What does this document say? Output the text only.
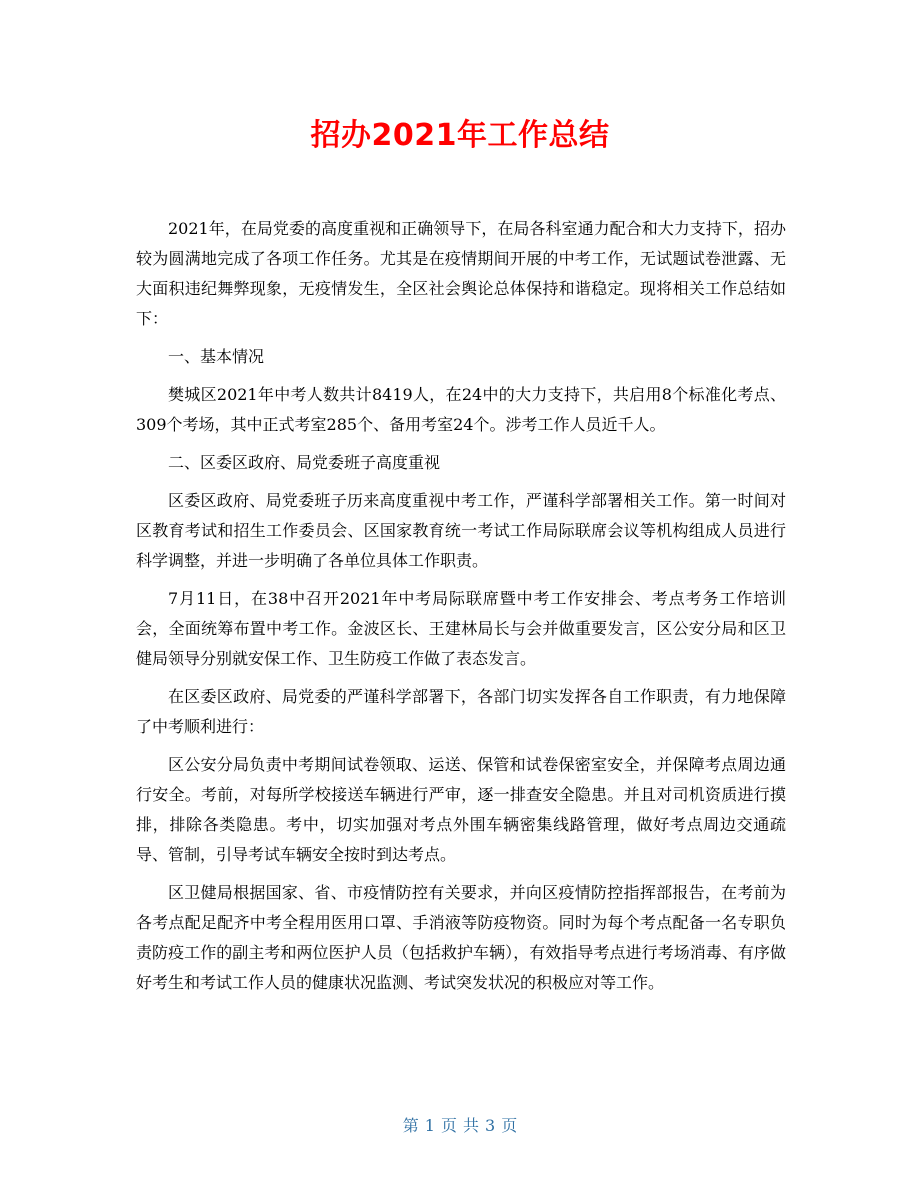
招办2021年工作总结

2021年，在局党委的高度重视和正确领导下，在局各科室通力配合和大力支持下，招办较为圆满地完成了各项工作任务。尤其是在疫情期间开展的中考工作，无试题试卷泄露、无大面积违纪舞弊现象，无疫情发生，全区社会舆论总体保持和谐稳定。现将相关工作总结如下：

一、基本情况

樊城区2021年中考人数共计8419人，在24中的大力支持下，共启用8个标准化考点、309个考场，其中正式考室285个、备用考室24个。涉考工作人员近千人。

二、区委区政府、局党委班子高度重视

区委区政府、局党委班子历来高度重视中考工作，严谨科学部署相关工作。第一时间对区教育考试和招生工作委员会、区国家教育统一考试工作局际联席会议等机构组成人员进行科学调整，并进一步明确了各单位具体工作职责。

7月11日，在38中召开2021年中考局际联席暨中考工作安排会、考点考务工作培训会，全面统筹布置中考工作。金波区长、王建林局长与会并做重要发言，区公安分局和区卫健局领导分别就安保工作、卫生防疫工作做了表态发言。

在区委区政府、局党委的严谨科学部署下，各部门切实发挥各自工作职责，有力地保障了中考顺利进行：

区公安分局负责中考期间试卷领取、运送、保管和试卷保密室安全，并保障考点周边通行安全。考前，对每所学校接送车辆进行严审，逐一排查安全隐患。并且对司机资质进行摸排，排除各类隐患。考中，切实加强对考点外围车辆密集线路管理，做好考点周边交通疏导、管制，引导考试车辆安全按时到达考点。

区卫健局根据国家、省、市疫情防控有关要求，并向区疫情防控指挥部报告，在考前为各考点配足配齐中考全程用医用口罩、手消液等防疫物资。同时为每个考点配备一名专职负责防疫工作的副主考和两位医护人员（包括救护车辆），有效指导考点进行考场消毒、有序做好考生和考试工作人员的健康状况监测、考试突发状况的积极应对等工作。

第 1 页 共 3 页
